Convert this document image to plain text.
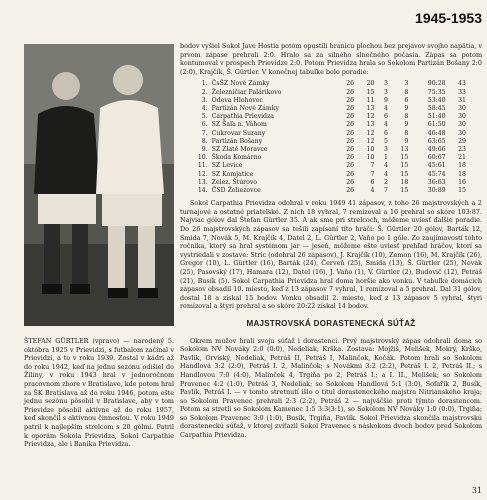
1945-1953

ŠTEFAN GÜRTLER (vpravo) — narodený 5. októbra 1925 v Prievidzi, s futbalom začínal v Prievidzi, a to v roku 1939. Zostal v kádri až do roku 1942, keď na jednu sezónu odišiel do Žiliny, v roku 1943 hral v jednoročnom pracovnom zbore v Bratislave, kde potom hral za ŠK Bratislava až do roku 1946, potom ešte jednu sezónu pôsobil v Bratislave, aby v tom Prievidze pôsobil aktívne až do roku 1957, keď skončil s aktívnou činnosťou. V roku 1949 patril k najlepším strelcom s 20 gólmi. Patril k oporám Sokola Prievidza, Sokol Carpathie Prievidza, ale i Baníka Prievidza.

bodov vyšiel Sokol Jave Hostia potom opustili hranicu plochou bez prejavov svojho napätia, v prvom zápase prehrali 2:0. Hralo sa za silného slnečného počasia. Zápas sa potom kontumoval v prospech Prievidze 2:0. Potom Prievidza hrala so Sokolom Partizán Bošany 2:0 (2:0), Krajčík, Š. Gürtler. V konečnej tabuľke bolo poradie:

1.	ČsŠZ Nové Zámky	26	20	3	3	90:28	43
2.	Železničiar Palárikovo	26	15	3	8	75:35	33
3.	Odeva Hlohovec	26	11	9	6	53:40	31
4.	Partizán Nové Zámky	26	13	4	9	58:45	30
5.	Carpathia Prievidza	26	12	6	8	51:40	30
6.	SZ Šaľa n. Váhom	26	13	4	9	61:50	30
7.	Cukrovar Surany	26	12	6	8	46:48	30
8.	Partizán Bošany	26	12	5	9	63:65	29
9.	SZ Zlaté Moravce	26	10	3	13	49:66	23
10.	Škoda Komárno	26	10	1	15	60:67	21
11.	SZ Levice	26	7	4	15	45:61	18
12.	SZ Komjatice	26	7	4	15	45:74	18
13.	Zelez. Štúrovo	26	6	2	18	36:63	16
14.	ČSD Želiezovce	26	4	7	15	30:89	15

Sokol Carpathia Prievidza odohral v roku 1949 41 zápasov, z toho 26 majstrovských a 2 turnajové a ostatné priateľské. Z nich 18 vyhral, 7 remízoval a 16 prehral so skóre 103:87. Najviac gólov dal Štefan Gürtler 35. A ak sme pri strelcoch, môžeme uviesť ďalšie poradie. Do 26 majstrovských zápasov sa tešili zapísaní títo hráči: Š. Gürtler 20 gólov, Barták 12, Smida 7, Novák 5, M. Krajčík 4, Datel 2, L. Gürtler 2, Vaňo po 1 góle. Zo zaujímavostí tohto ročníka, ktorý sa hral systémom jar — jeseň, môžeme ešte uviesť prehľad hráčov, ktorí sa vystriedali v zostave: Stric (odohral 26 zápasov), J. Krajčík (10), Zemon (16), M. Krajčík (26), Gregor (10), L. Gürtler (16), Barták (24), Červeň (25), Smida (13), Š. Gürtler (25), Novák (25), Pasovský (17), Hamara (12), Datel (16), J. Vaňo (1), V. Gürtler (2), Budovič (12), Petráš (21), Busík (5). Sokol Carpathia Prievidza hral doma horšie ako vonku. V tabuľke domácich zápasov obsadil 10. miesto, keď z 13 zápasov 7 vyhral, 1 remízoval a 5 prehral. Dal 31 gólov, dostal 18 a získal 15 bodov. Vonku obsadil 2. miesto, keď z 13 zápasov 5 vyhral, štyri remízoval a štyri prehral a so skóre 20:22 získal 14 bodov.

MAJSTROVSKÁ DORASTENECKÁ SÚŤAŽ

Okrem mužov hrali svoju súťaž i dorastenci. Prvý majstrovský zápas odohrali doma so Sokolom NV Nováky 2:0 (0:0), Nedeliak, Krška. Zostava: Mojžiš, Melišek, Mokrý, Krško, Pavlík, Orviský, Nedeliak, Petráš II, Petráš I, Malinčok, Kočák. Potom hrali so Sokolom Handlová 3:2 (2:0), Petráš I. 2, Malinčok; s Novákmi 3:2 (2:2), Petráš I. 2, Petráš II.; s Handlovou 7:0 (4:0), Malinčok 4, Trgiňa po 2, Petráš I.; a I. II., Melišek; so Sokolom Pravenec 4:2 (1:0), Petráš 3, Nedeliak; so Sokolom Handlová 5:1 (3:0), Sofařík 2, Busík, Pavlík, Petráš I. — v tomto stretnutí išlo o titul dorasteneckého majstra Nitrianskeho kraja; so Sokolom Pravenec prehrali 2:3 (2:2), Petráš 2 — najväčšie proti týmto dorastencom. Potom sa stretli so Sokolom Kamenec 1:5 3:3(3:1), so Sokolom NV Nováky 1:0 (0:0), Trgiňa; so Sokolom Pravenec 3:0 (1:0), Busík, Trgiňa, Pavlík. Sokol Prievidza skončila majstrovskú dorasteneckú súťaž, v ktorej zvíťazil Sokol Pravenec s náskokom dvoch bodov pred Sokolom Carpathia Prievidza.

31
